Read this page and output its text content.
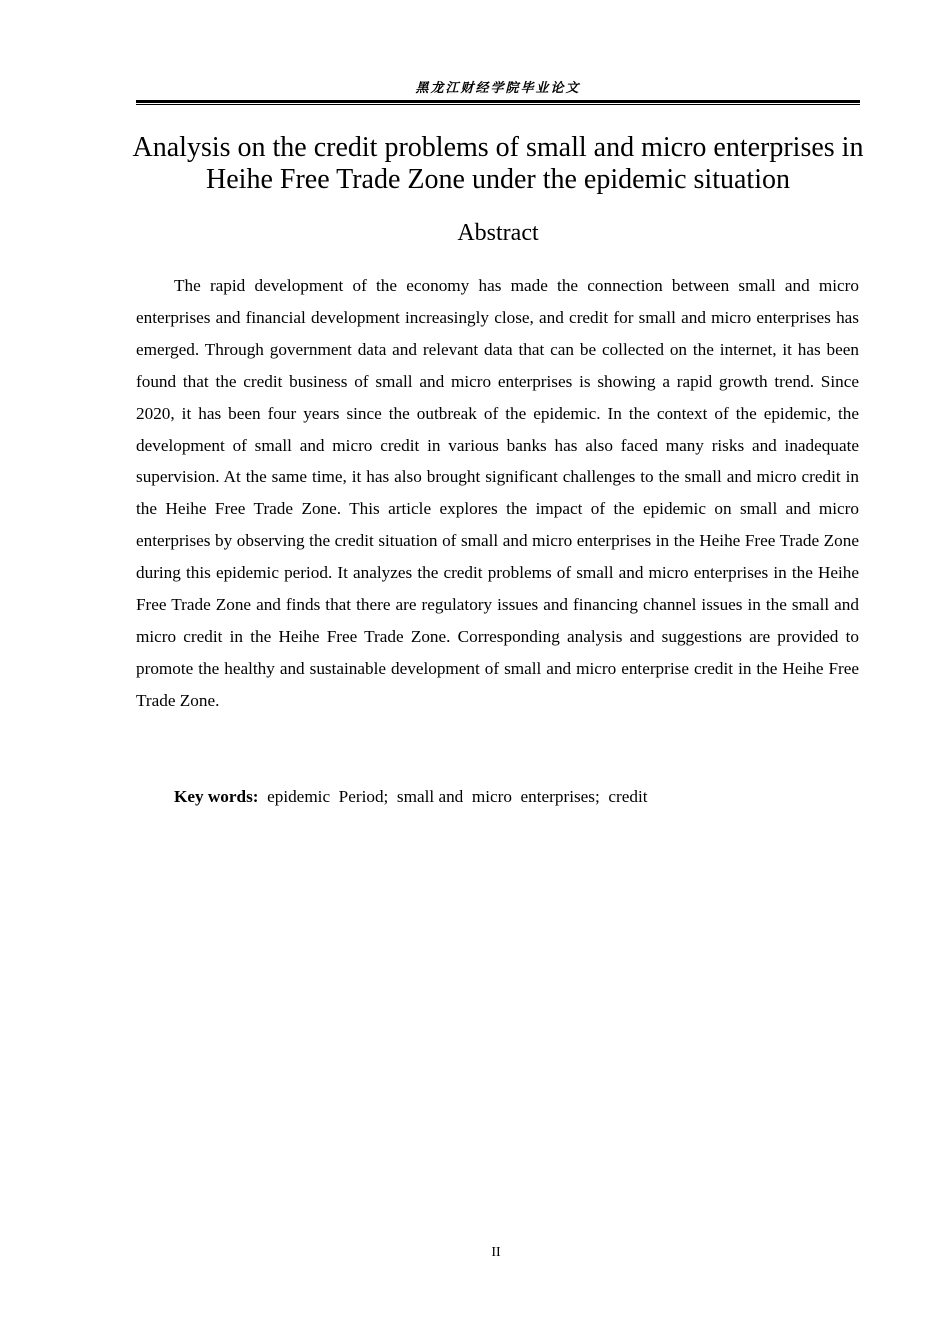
黑龙江财经学院毕业论文
Analysis on the credit problems of small and micro enterprises in Heihe Free Trade Zone under the epidemic situation
Abstract

The rapid development of the economy has made the connection between small and micro enterprises and financial development increasingly close, and credit for small and micro enterprises has emerged. Through government data and relevant data that can be collected on the internet, it has been found that the credit business of small and micro enterprises is showing a rapid growth trend. Since 2020, it has been four years since the outbreak of the epidemic. In the context of the epidemic, the development of small and micro credit in various banks has also faced many risks and inadequate supervision. At the same time, it has also brought significant challenges to the small and micro credit in the Heihe Free Trade Zone. This article explores the impact of the epidemic on small and micro enterprises by observing the credit situation of small and micro enterprises in the Heihe Free Trade Zone during this epidemic period. It analyzes the credit problems of small and micro enterprises in the Heihe Free Trade Zone and finds that there are regulatory issues and financing channel issues in the small and micro credit in the Heihe Free Trade Zone. Corresponding analysis and suggestions are provided to promote the healthy and sustainable development of small and micro enterprise credit in the Heihe Free Trade Zone.

Key words:  epidemic  Period;  small and  micro  enterprises;  credit
II
